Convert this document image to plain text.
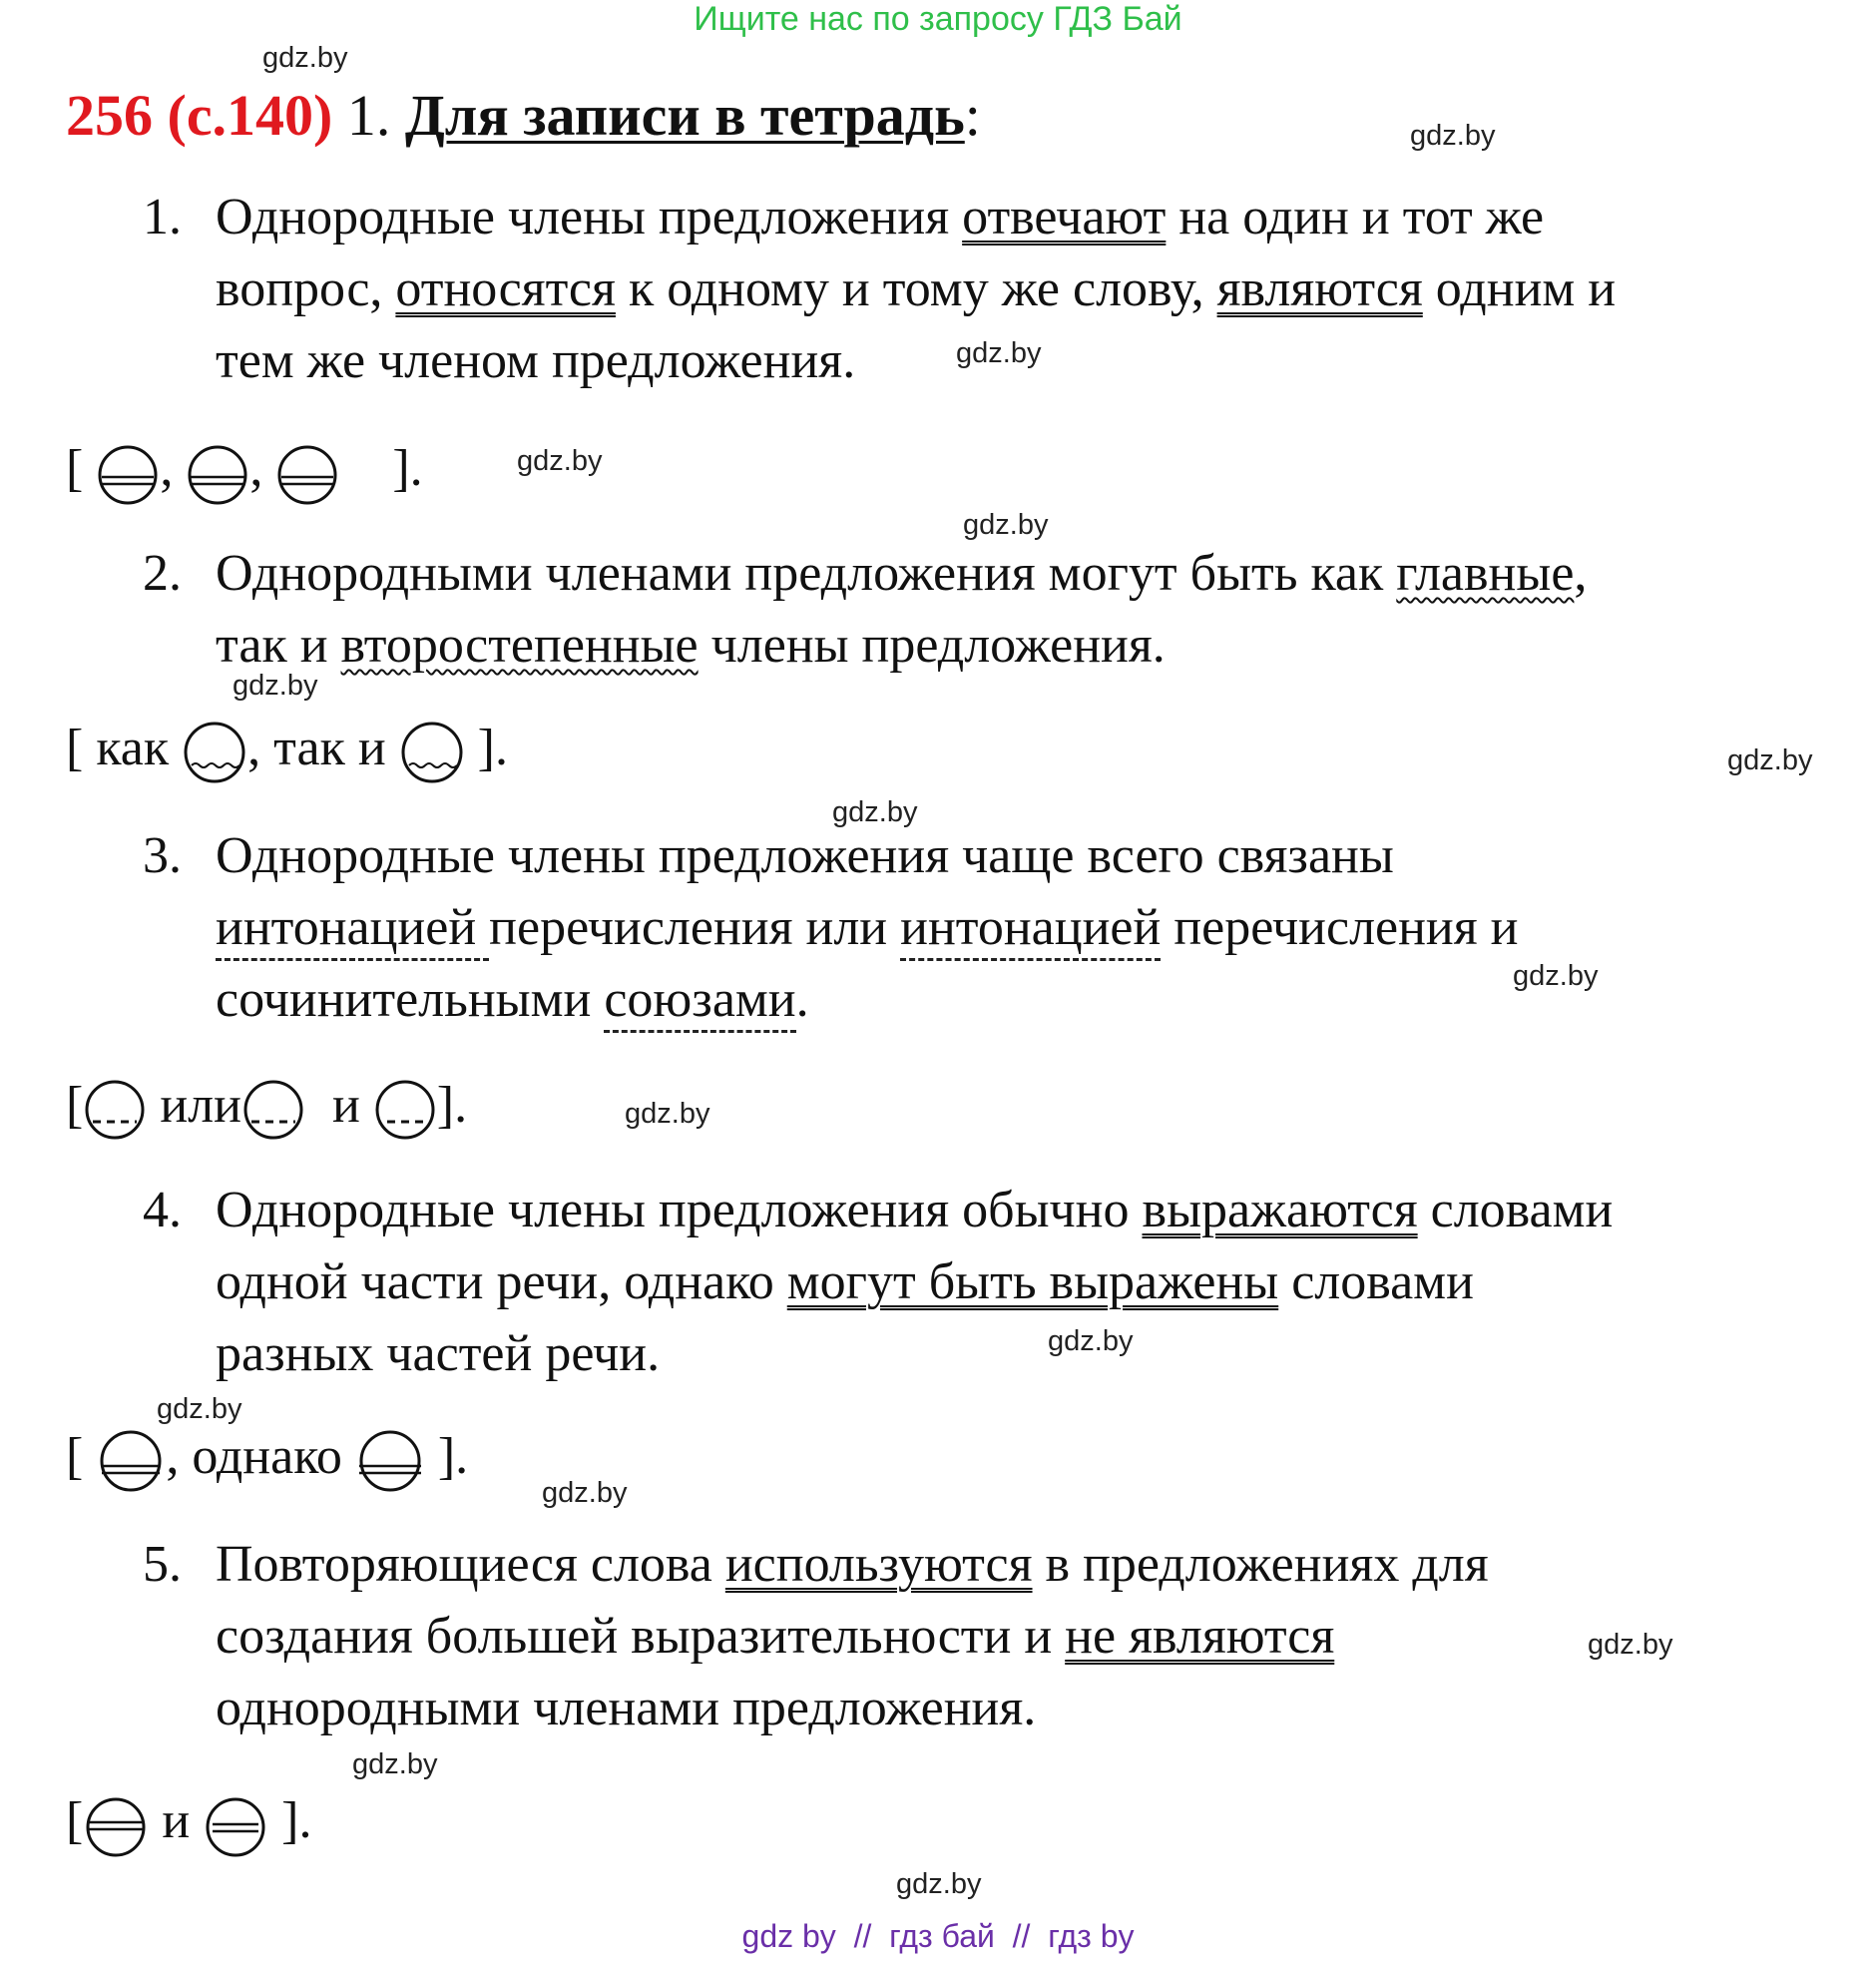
Ищите нас по запросу ГДЗ Бай
gdz.by
gdz.by
gdz.by
gdz.by
gdz.by
gdz.by
gdz.by
gdz.by
gdz.by
gdz.by
gdz.by
gdz.by
gdz.by
gdz.by
gdz.by
gdz.by
256 (с.140) 1. Для записи в тетрадь:
1. Однородные члены предложения отвечают на один и тот же
вопрос, относятся к одному и тому же слову, являются одним и
тем же членом предложения.
[ , ,	].
2. Однородными членами предложения могут быть как главные,
так и второстепенные члены предложения.
[ как , так и ].
3. Однородные члены предложения чаще всего связаны
интонацией перечисления или интонацией перечисления и
сочинительными союзами.
[ или и ].
4. Однородные члены предложения обычно выражаются словами
одной части речи, однако могут быть выражены словами
разных частей речи.
[ , однако ].
5. Повторяющиеся слова используются в предложениях для
создания большей выразительности и не являются
однородными членами предложения.
[ и ].
gdz by  //  гдз бай  //  гдз by
